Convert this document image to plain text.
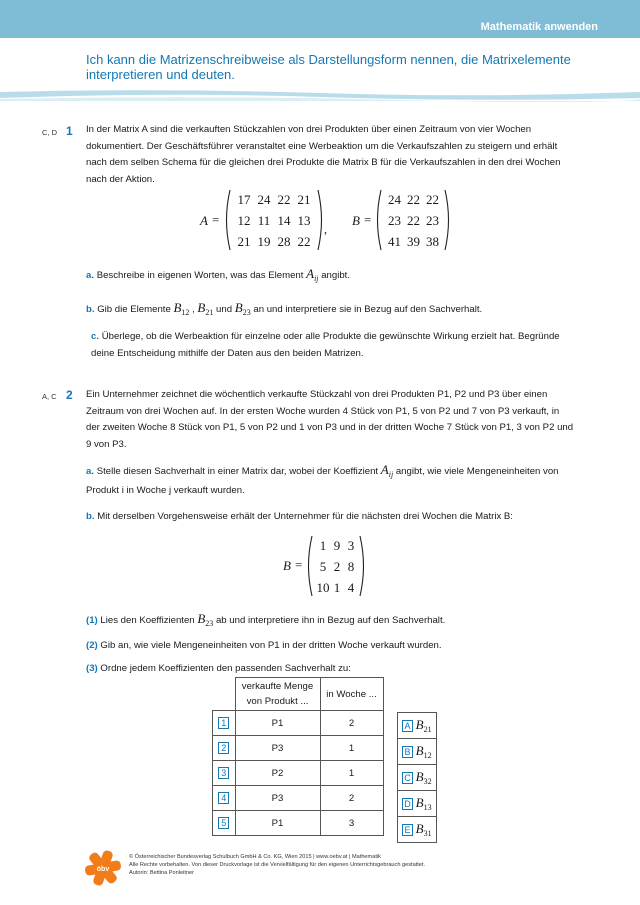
Mathematik anwenden
Ich kann die Matrizenschreibweise als Darstellungsform nennen, die Matrixelemente interpretieren und deuten.
C, D 1 In der Matrix A sind die verkauften Stückzahlen von drei Produkten über einen Zeitraum von vier Wochen dokumentiert. Der Geschäftsführer veranstaltet eine Werbeaktion um die Verkaufszahlen zu steigern und erhält nach dem selben Schema für die gleichen drei Produkte die Matrix B für die Verkaufszahlen in den drei Wochen nach der Aktion.
A =
17 24 22 21
12 11 14 13
21 19 28 22
,
B =
24 22 22
23 22 23
41 39 38
a. Beschreibe in eigenen Worten, was das Element $A_{ij}$ angibt.
b. Gib die Elemente $B_{12}$ , $B_{21}$ und $B_{23}$ an und interpretiere sie in Bezug auf den Sachverhalt.
c. Überlege, ob die Werbeaktion für einzelne oder alle Produkte die gewünschte Wirkung erzielt hat. Begründe deine Entscheidung mithilfe der Daten aus den beiden Matrizen.
A, C 2 Ein Unternehmer zeichnet die wöchentlich verkaufte Stückzahl von drei Produkten P1, P2 und P3 über einen Zeitraum von drei Wochen auf. In der ersten Woche wurden 4 Stück von P1, 5 von P2 und 7 von P3 verkauft, in der zweiten Woche 8 Stück von P1, 5 von P2 und 1 von P3 und in der dritten Woche 7 Stück von P1, 3 von P2 und 9 von P3.
a. Stelle diesen Sachverhalt in einer Matrix dar, wobei der Koeffizient $A_{ij}$ angibt, wie viele Mengeneinheiten von Produkt i in Woche j verkauft wurden.
b. Mit derselben Vorgehensweise erhält der Unternehmer für die nächsten drei Wochen die Matrix B:
B =
1 9 3
5 2 8
10 1 4
(1) Lies den Koeffizienten $B_{23}$ ab und interpretiere ihn in Bezug auf den Sachverhalt.
(2) Gib an, wie viele Mengeneinheiten von P1 in der dritten Woche verkauft wurden.
(3) Ordne jedem Koeffizienten den passenden Sachverhalt zu:
	verkaufte Menge von Produkt ...	in Woche ...
1	P1	2
2	P3	1
3	P2	1
4	P3	2
5	P1	3
A $B_{21}$
B $B_{12}$
C $B_{32}$
D $B_{13}$
E $B_{31}$
öbv
© Österreichischer Bundesverlag Schulbuch GmbH & Co. KG, Wien 2015 | www.oebv.at | Mathematik
Alle Rechte vorbehalten. Von dieser Druckvorlage ist die Vervielfältigung für den eigenen Unterrichtsgebrauch gestattet.
Autorin: Bettina Ponleitner
